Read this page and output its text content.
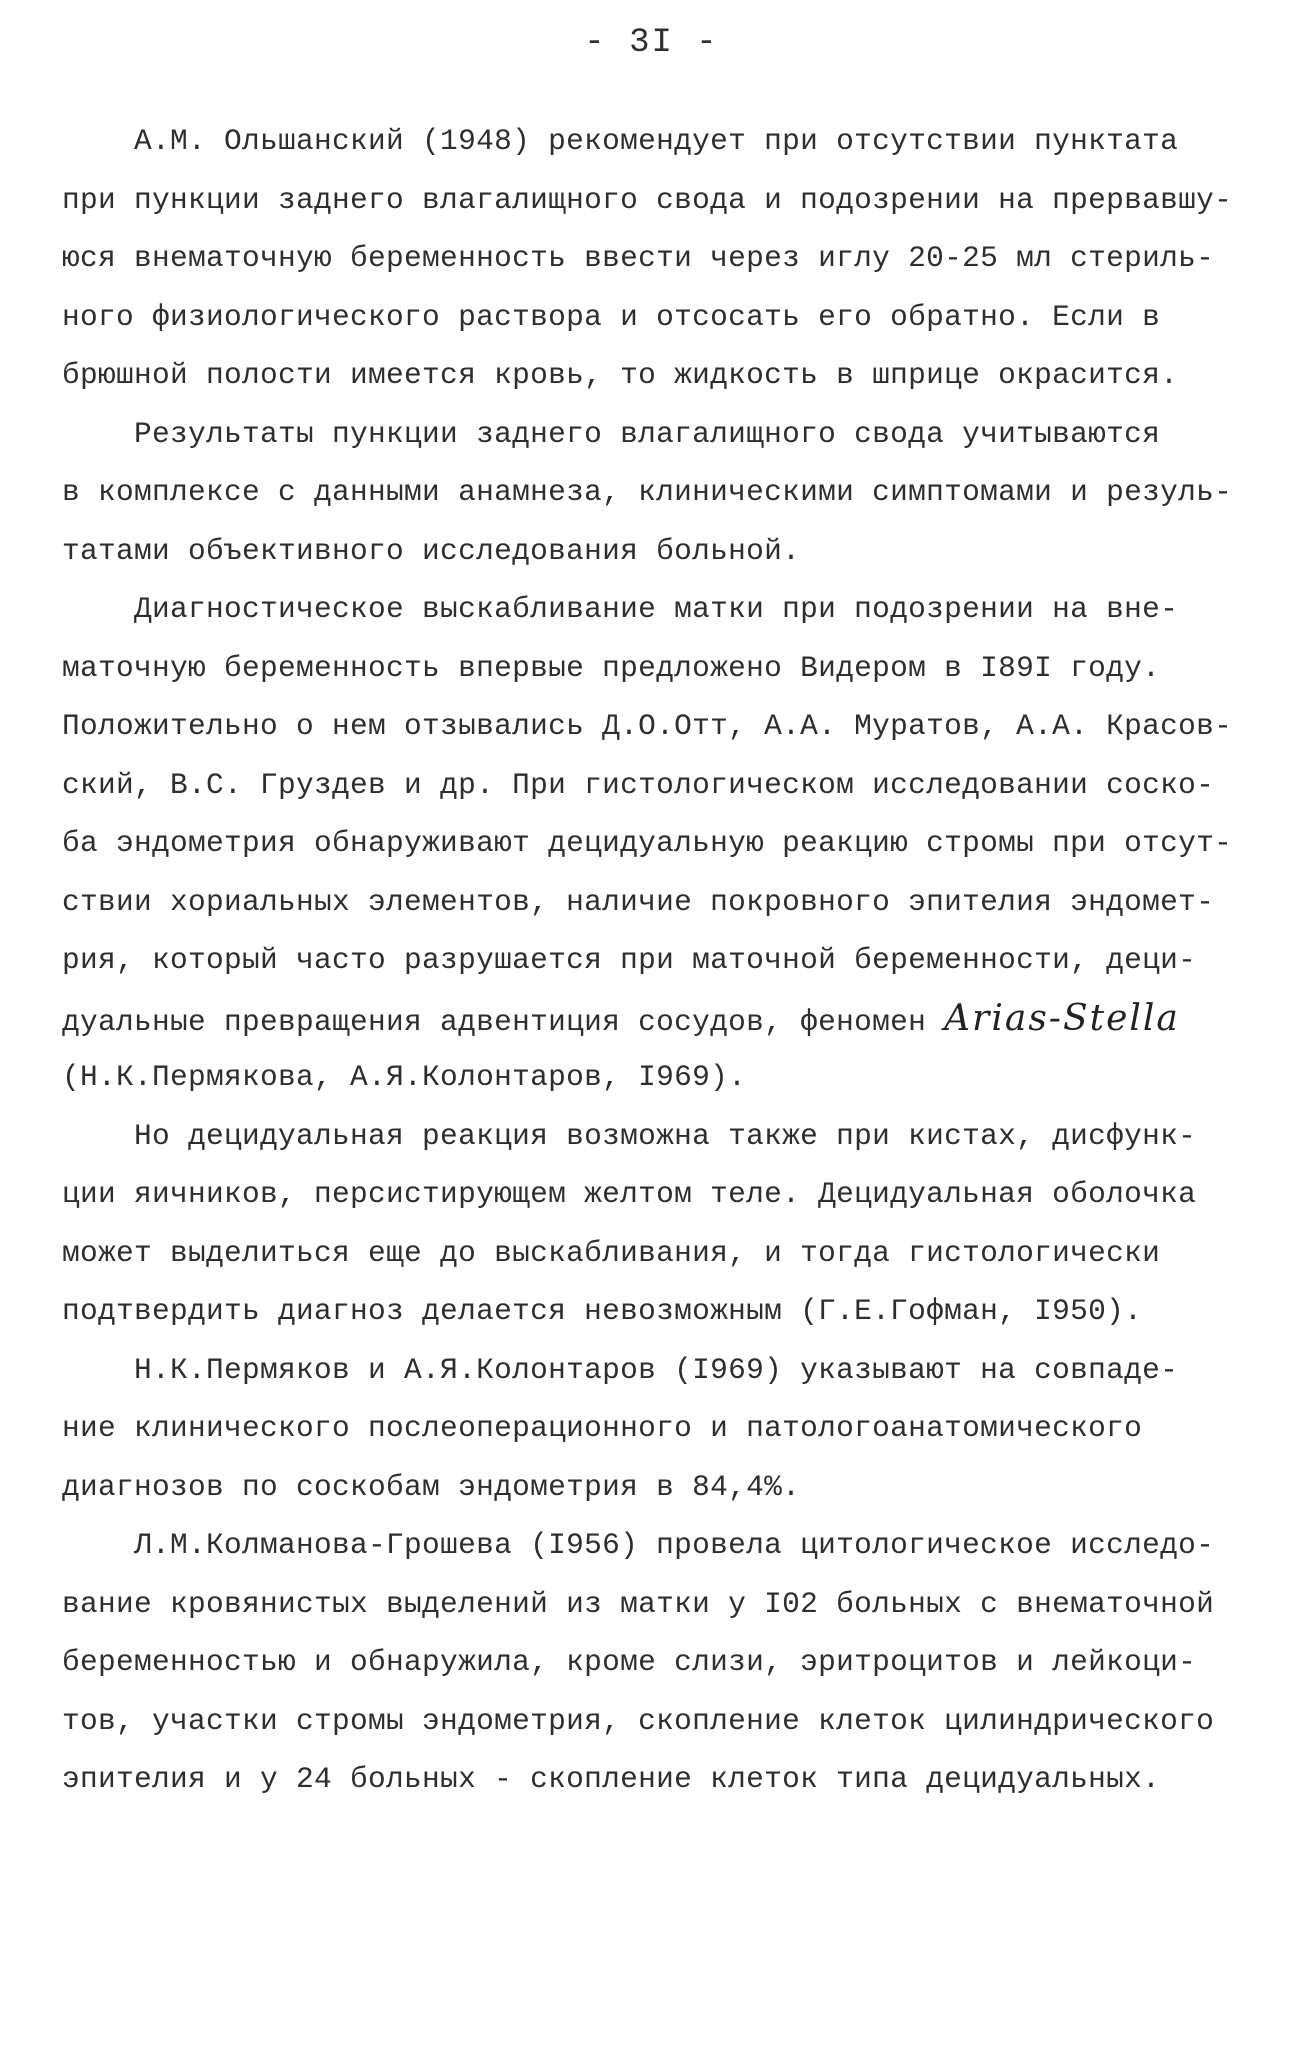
- 3I -
А.М. Ольшанский (1948) рекомендует при отсутствии пунктата
при пункции заднего влагалищного свода и подозрении на прервавшу-
юся внематочную беременность ввести через иглу 20-25 мл стериль-
ного физиологического раствора и отсосать его обратно. Если в
брюшной полости имеется кровь, то жидкость в шприце окрасится.
Результаты пункции заднего влагалищного свода учитываются
в комплексе с данными анамнеза, клиническими симптомами и резуль-
татами объективного исследования больной.
Диагностическое выскабливание матки при подозрении на вне-
маточную беременность впервые предложено Видером в I89I году.
Положительно о нем отзывались Д.О.Отт, А.А. Муратов, А.А. Красов-
ский, В.С. Груздев и др. При гистологическом исследовании соско-
ба эндометрия обнаруживают децидуальную реакцию стромы при отсут-
ствии хориальных элементов, наличие покровного эпителия эндомет-
рия, который часто разрушается при маточной беременности, деци-
дуальные превращения адвентиция сосудов, феномен Arias-Stella
(Н.К.Пермякова, А.Я.Колонтаров, I969).
Но децидуальная реакция возможна также при кистах, дисфунк-
ции яичников, персистирующем желтом теле. Децидуальная оболочка
может выделиться еще до выскабливания, и тогда гистологически
подтвердить диагноз делается невозможным (Г.Е.Гофман, I950).
Н.К.Пермяков и А.Я.Колонтаров (I969) указывают на совпаде-
ние клинического послеоперационного и патологоанатомического
диагнозов по соскобам эндометрия в 84,4%.
Л.М.Колманова-Грошева (I956) провела цитологическое исследо-
вание кровянистых выделений из матки у I02 больных с внематочной
беременностью и обнаружила, кроме слизи, эритроцитов и лейкоци-
тов, участки стромы эндометрия, скопление клеток цилиндрического
эпителия и у 24 больных - скопление клеток типа децидуальных.
